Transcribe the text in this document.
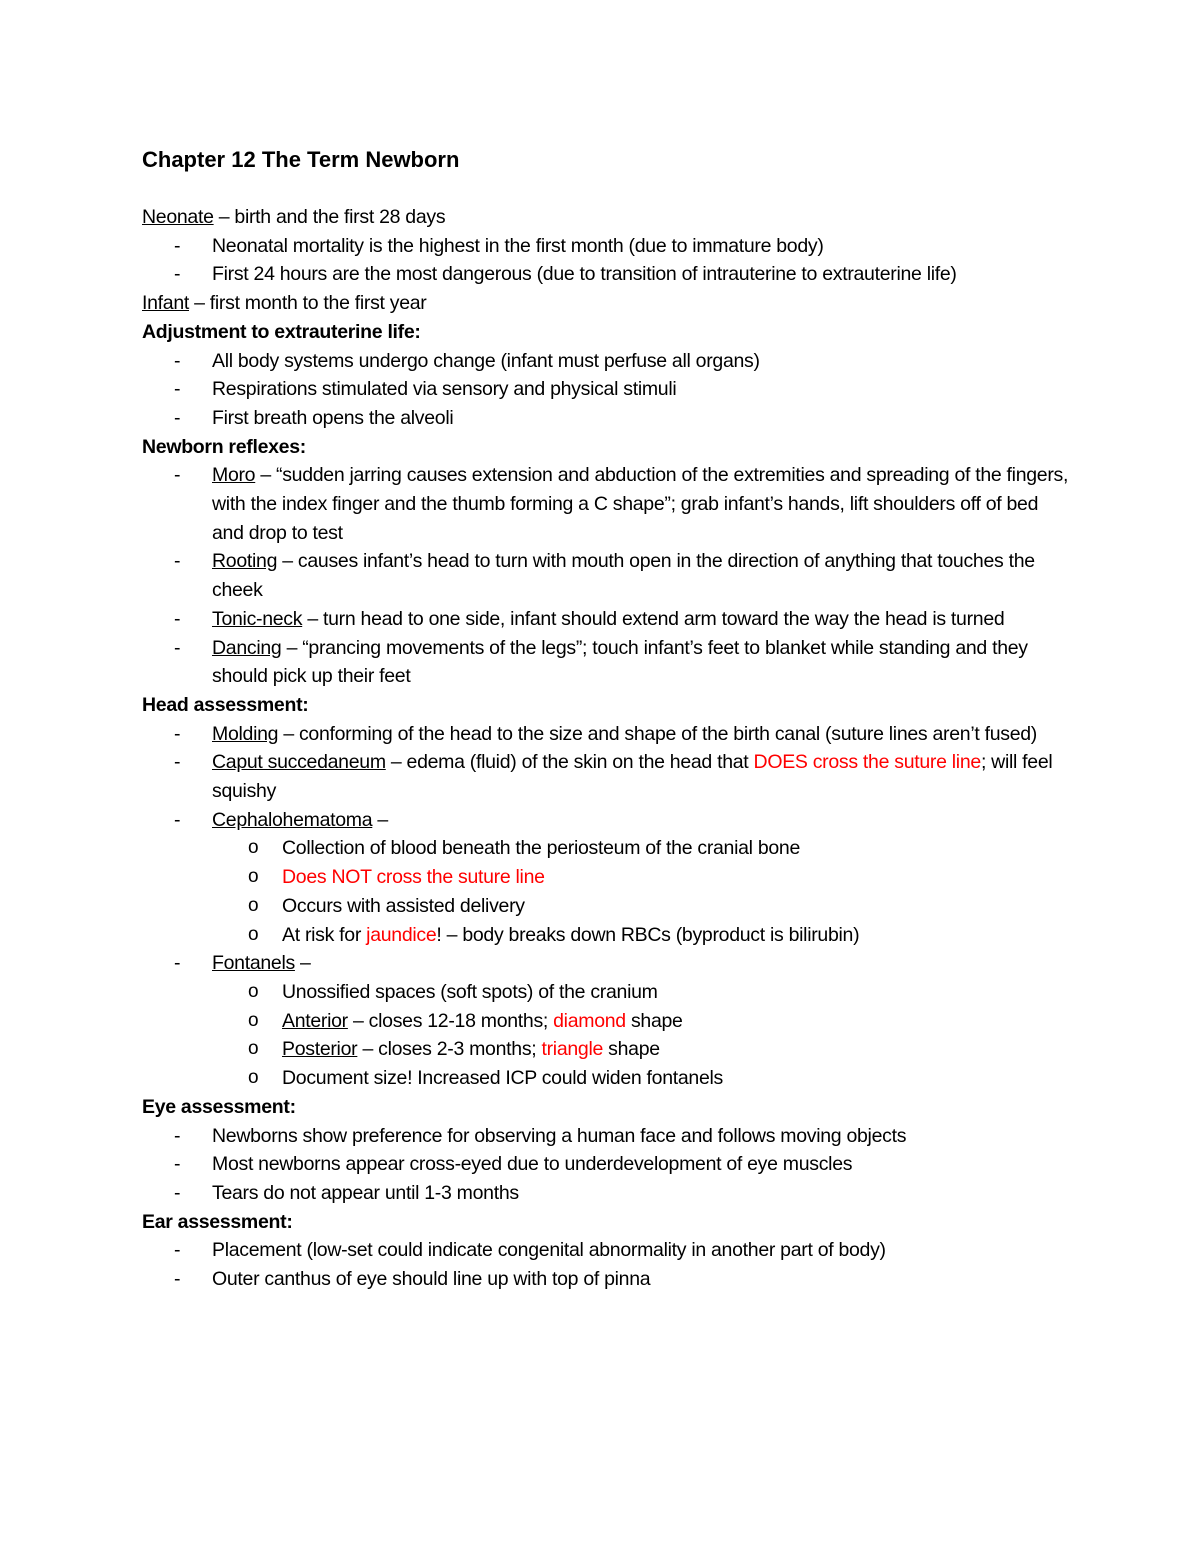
Chapter 12 The Term Newborn

Neonate – birth and the first 28 days

- Neonatal mortality is the highest in the first month (due to immature body)
- First 24 hours are the most dangerous (due to transition of intrauterine to extrauterine life)

Infant – first month to the first year

Adjustment to extrauterine life:

- All body systems undergo change (infant must perfuse all organs)
- Respirations stimulated via sensory and physical stimuli
- First breath opens the alveoli

Newborn reflexes:

- Moro – “sudden jarring causes extension and abduction of the extremities and spreading of the fingers, with the index finger and the thumb forming a C shape”; grab infant’s hands, lift shoulders off of bed and drop to test
- Rooting – causes infant’s head to turn with mouth open in the direction of anything that touches the cheek
- Tonic-neck – turn head to one side, infant should extend arm toward the way the head is turned
- Dancing – “prancing movements of the legs”; touch infant’s feet to blanket while standing and they should pick up their feet

Head assessment:

- Molding – conforming of the head to the size and shape of the birth canal (suture lines aren’t fused)
- Caput succedaneum – edema (fluid) of the skin on the head that DOES cross the suture line; will feel squishy
- Cephalohematoma –
o Collection of blood beneath the periosteum of the cranial bone
o Does NOT cross the suture line
o Occurs with assisted delivery
o At risk for jaundice! – body breaks down RBCs (byproduct is bilirubin)
- Fontanels –
o Unossified spaces (soft spots) of the cranium
o Anterior – closes 12-18 months; diamond shape
o Posterior – closes 2-3 months; triangle shape
o Document size! Increased ICP could widen fontanels

Eye assessment:

- Newborns show preference for observing a human face and follows moving objects
- Most newborns appear cross-eyed due to underdevelopment of eye muscles
- Tears do not appear until 1-3 months

Ear assessment:

- Placement (low-set could indicate congenital abnormality in another part of body)
- Outer canthus of eye should line up with top of pinna
